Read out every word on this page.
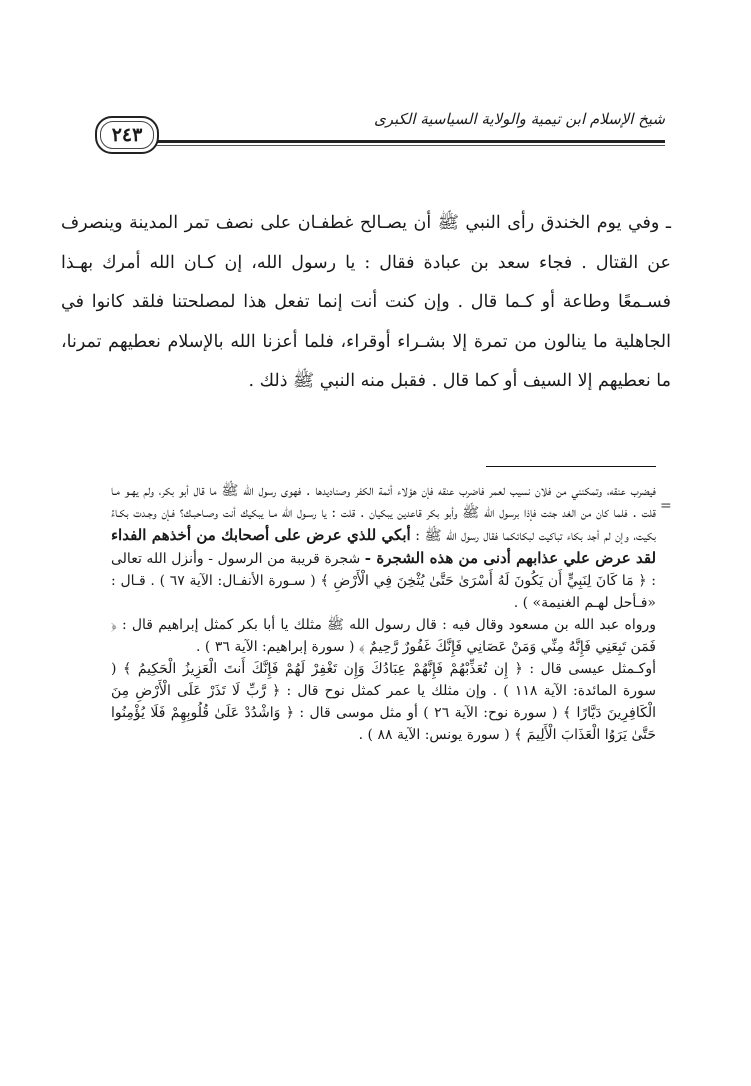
شيخ الإسلام ابن تيمية والولاية السياسية الكبرى
٢٤٣

ـ وفي يوم الخندق رأى النبي ﷺ أن يصـالح غطفـان على نصف تمر المدينة وينصرف عن القتال . فجاء سعد بن عبادة فقال : يا رسول الله، إن كـان الله أمرك بهـذا فسـمعًا وطاعة أو كـما قال . وإن كنت أنت إنما تفعل هذا لمصلحتنا فلقد كانوا في الجاهلية ما ينالون من تمرة إلا بشـراء أوقراء، فلما أعزنا الله بالإسلام نعطيهم تمرنا، ما نعطيهم إلا السيف أو كما قال . فقبل منه النبي ﷺ ذلك .

=

فيضرب عنقه، وتمكنني من فلان نسيب لعمر فاضرب عنقه فإن هؤلاء أئمة الكفر وصناديدها . فهوى رسول الله ﷺ ما قال أبو بكر، ولم يهـو مـا قلت . فلما كان من الغد جئت فإذا برسول الله ﷺ وأبو بكر قاعدين يبكيان . قلت : يا رسـول الله مـا يبكيك أنت وصـاحبـك؟ فـإن وجـدت بكـاءً بكيت، وإن لم أجد بكاء تباكيت لبكائكما فقال رسول الله ﷺ : أبكي للذي عرض على أصحابك من أخذهم الفداء لقد عرض علي عذابهم أدنى من هذه الشجرة - شجرة قريبة من الرسول - وأنزل الله تعالى : ﴿ مَا كَانَ لِنَبِيٍّ أَن يَكُونَ لَهُ أَسْرَىٰ حَتَّىٰ يُثْخِنَ فِي الْأَرْضِ ﴾ ( سـورة الأنفـال: الآية ٦٧ ) . قـال : «فـأحل لهـم الغنيمة» ) .

ورواه عبد الله بن مسعود وقال فيه : قال رسول الله ﷺ مثلك يا أبا بكر كمثل إبراهيم قال : ﴿ فَمَن تَبِعَنِي فَإِنَّهُ مِنِّي وَمَنْ عَصَانِي فَإِنَّكَ غَفُورٌ رَّحِيمٌ ﴾ ( سورة إبراهيم: الآية ٣٦ ) .

أوكـمثل عيسى قال : ﴿ إِن تُعَذِّبْهُمْ فَإِنَّهُمْ عِبَادُكَ وَإِن تَغْفِرْ لَهُمْ فَإِنَّكَ أَنتَ الْعَزِيزُ الْحَكِيمُ ﴾ ( سورة المائدة: الآية ١١٨ ) . وإن مثلك يا عمر كمثل نوح قال : ﴿ رَّبِّ لَا تَذَرْ عَلَى الْأَرْضِ مِنَ الْكَافِرِينَ دَيَّارًا ﴾ ( سورة نوح: الآية ٢٦ ) أو مثل موسى قال : ﴿ وَاشْدُدْ عَلَىٰ قُلُوبِهِمْ فَلَا يُؤْمِنُوا حَتَّىٰ يَرَوُا الْعَذَابَ الْأَلِيمَ ﴾ ( سورة يونس: الآية ٨٨ ) .
